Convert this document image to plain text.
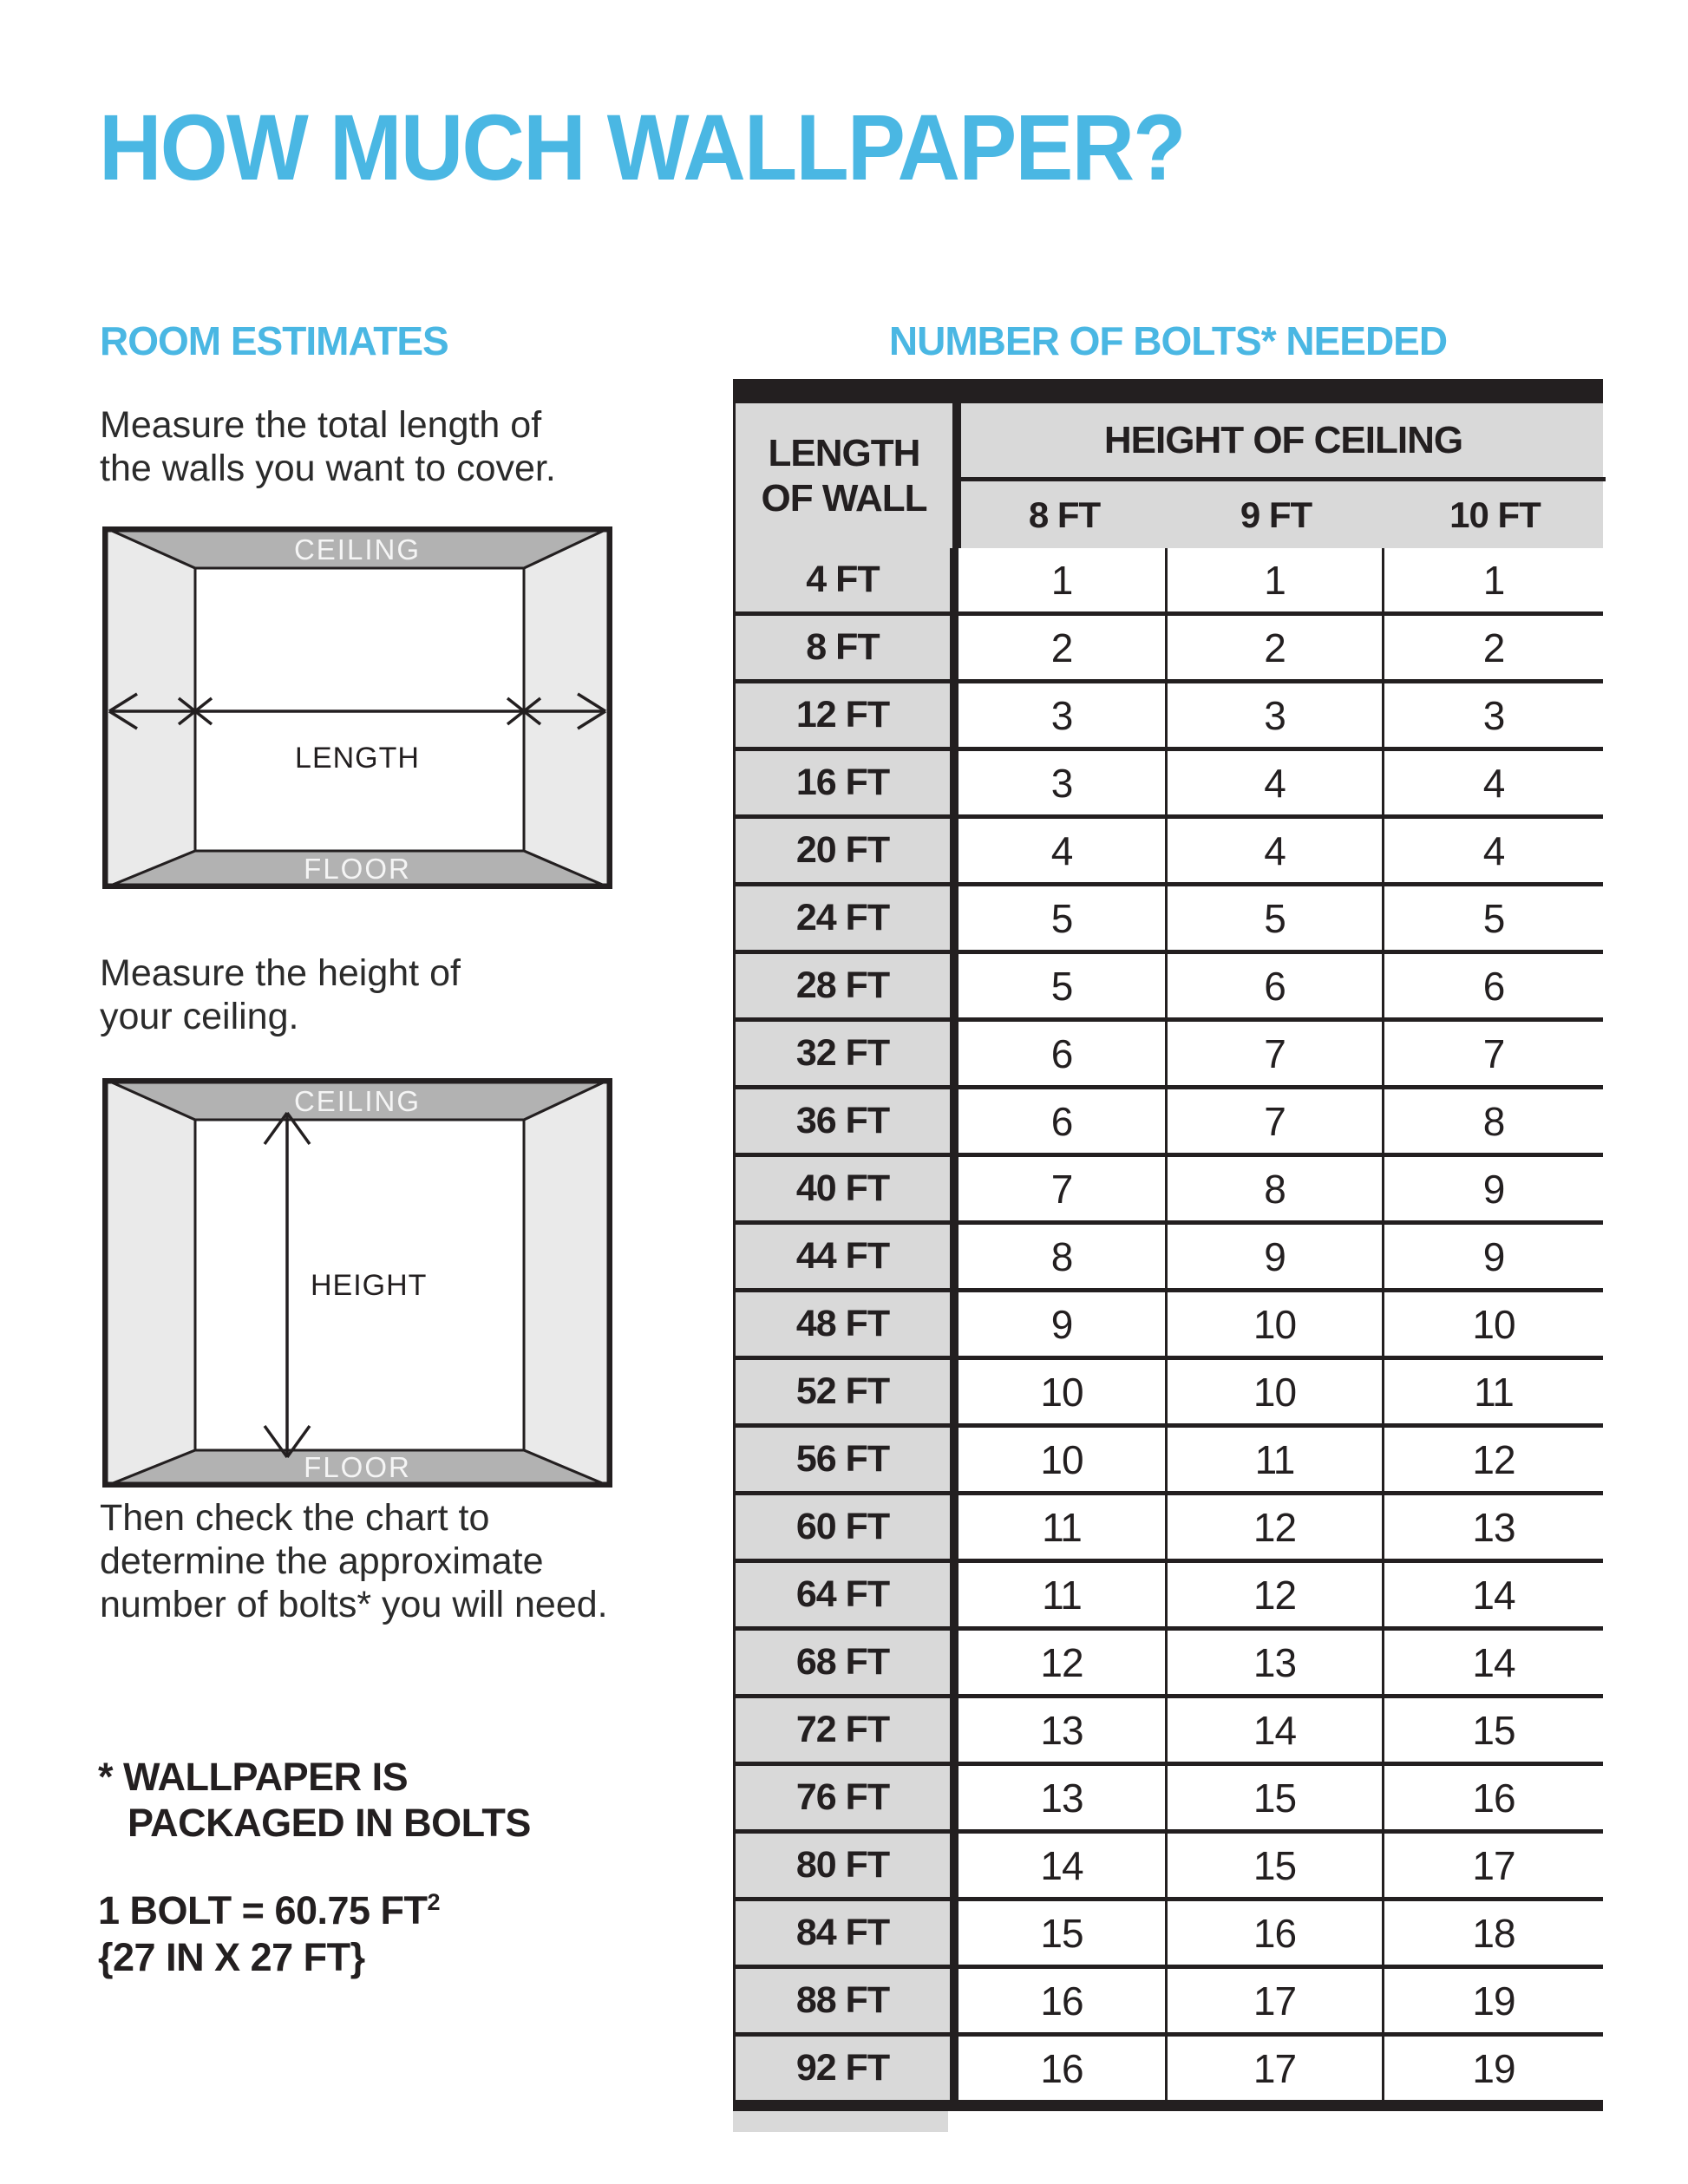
HOW MUCH WALLPAPER?
ROOM ESTIMATES	NUMBER OF BOLTS* NEEDED
Measure the total length of
the walls you want to cover.
CEILING
FLOOR
LENGTH
Measure the height of
your ceiling.
CEILING
FLOOR
HEIGHT
Then check the chart to
determine the approximate
number of bolts* you will need.
* WALLPAPER IS
PACKAGED IN BOLTS
1 BOLT = 60.75 $FT^2$
{27 IN X 27 FT}
LENGTH
OF WALL
HEIGHT OF CEILING
8 FT	9 FT	10 FT
4 FT	1	1	1
8 FT	2	2	2
12 FT	3	3	3
16 FT	3	4	4
20 FT	4	4	4
24 FT	5	5	5
28 FT	5	6	6
32 FT	6	7	7
36 FT	6	7	8
40 FT	7	8	9
44 FT	8	9	9
48 FT	9	10	10
52 FT	10	10	11
56 FT	10	11	12
60 FT	11	12	13
64 FT	11	12	14
68 FT	12	13	14
72 FT	13	14	15
76 FT	13	15	16
80 FT	14	15	17
84 FT	15	16	18
88 FT	16	17	19
92 FT	16	17	19
